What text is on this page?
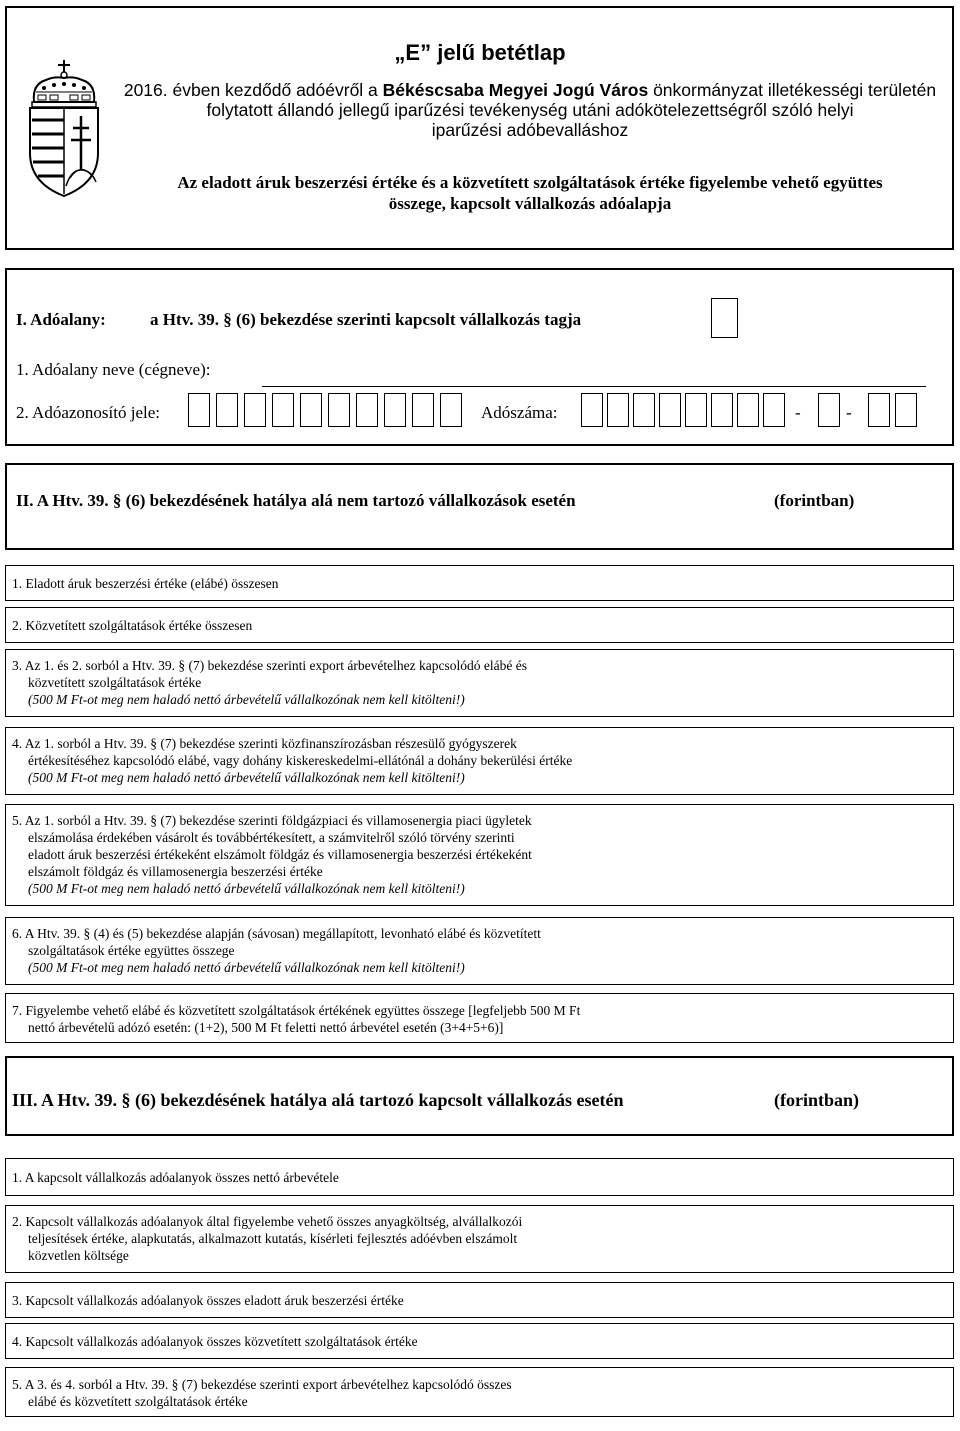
„E” jelű betétlap
2016. évben kezdődő adóévről a Békéscsaba Megyei Jogú Város önkormányzat illetékességi területén
folytatott állandó jellegű iparűzési tevékenység utáni adókötelezettségről szóló helyi
iparűzési adóbevalláshoz
Az eladott áruk beszerzési értéke és a közvetített szolgáltatások értéke figyelembe vehető együttes
összege, kapcsolt vállalkozás adóalapja
I. Adóalany:	a Htv. 39. § (6) bekezdése szerinti kapcsolt vállalkozás tagja
1. Adóalany neve (cégneve):
2. Adóazonosító jele:	Adószáma:	-	-
II. A Htv. 39. § (6) bekezdésének hatálya alá nem tartozó vállalkozások esetén	(forintban)
1. Eladott áruk beszerzési értéke (elábé) összesen
2. Közvetített szolgáltatások értéke összesen
3. Az 1. és 2. sorból a Htv. 39. § (7) bekezdése szerinti export árbevételhez kapcsolódó elábé és
közvetített szolgáltatások értéke
(500 M Ft-ot meg nem haladó nettó árbevételű vállalkozónak nem kell kitölteni!)
4. Az 1. sorból a Htv. 39. § (7) bekezdése szerinti közfinanszírozásban részesülő gyógyszerek
értékesítéséhez kapcsolódó elábé, vagy dohány kiskereskedelmi-ellátónál a dohány bekerülési értéke
(500 M Ft-ot meg nem haladó nettó árbevételű vállalkozónak nem kell kitölteni!)
5. Az 1. sorból a Htv. 39. § (7) bekezdése szerinti földgázpiaci és villamosenergia piaci ügyletek
elszámolása érdekében vásárolt és továbbértékesített, a számvitelről szóló törvény szerinti
eladott áruk beszerzési értékeként elszámolt földgáz és villamosenergia beszerzési értékeként
elszámolt földgáz és villamosenergia beszerzési értéke
(500 M Ft-ot meg nem haladó nettó árbevételű vállalkozónak nem kell kitölteni!)
6. A Htv. 39. § (4) és (5) bekezdése alapján (sávosan) megállapított, levonható elábé és közvetített
szolgáltatások értéke együttes összege
(500 M Ft-ot meg nem haladó nettó árbevételű vállalkozónak nem kell kitölteni!)
7. Figyelembe vehető elábé és közvetített szolgáltatások értékének együttes összege [legfeljebb 500 M Ft
nettó árbevételű adózó esetén: (1+2), 500 M Ft feletti nettó árbevétel esetén (3+4+5+6)]
III. A Htv. 39. § (6) bekezdésének hatálya alá tartozó kapcsolt vállalkozás esetén	(forintban)
1. A kapcsolt vállalkozás adóalanyok összes nettó árbevétele
2. Kapcsolt vállalkozás adóalanyok által figyelembe vehető összes anyagköltség, alvállalkozói
teljesítések értéke, alapkutatás, alkalmazott kutatás, kísérleti fejlesztés adóévben elszámolt
közvetlen költsége
3. Kapcsolt vállalkozás adóalanyok összes eladott áruk beszerzési értéke
4. Kapcsolt vállalkozás adóalanyok összes közvetített szolgáltatások értéke
5. A 3. és 4. sorból a Htv. 39. § (7) bekezdése szerinti export árbevételhez kapcsolódó összes
elábé és közvetített szolgáltatások értéke
